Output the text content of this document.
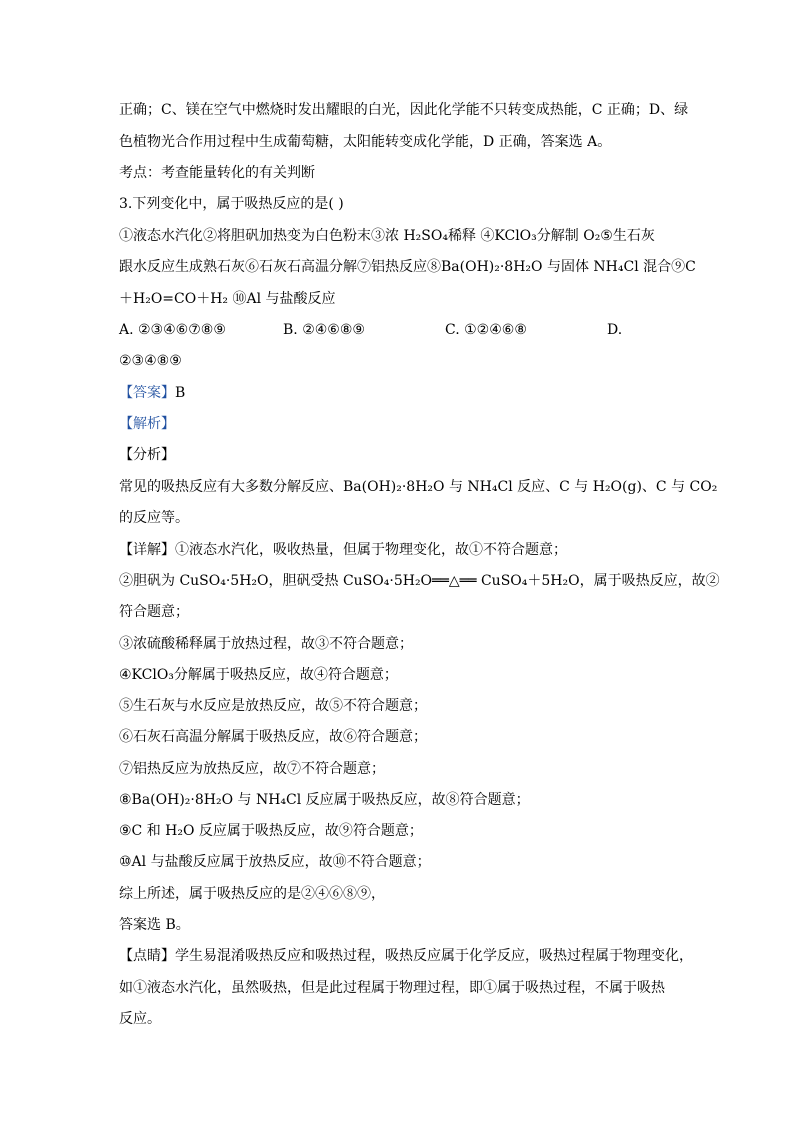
正确；C、镁在空气中燃烧时发出耀眼的白光，因此化学能不只转变成热能，C 正确；D、绿
色植物光合作用过程中生成葡萄糖，太阳能转变成化学能，D 正确，答案选 A。
考点：考查能量转化的有关判断
3.下列变化中，属于吸热反应的是( )
①液态水汽化②将胆矾加热变为白色粉末③浓 H₂SO₄稀释 ④KClO₃分解制 O₂⑤生石灰
跟水反应生成熟石灰⑥石灰石高温分解⑦铝热反应⑧Ba(OH)₂·8H₂O 与固体 NH₄Cl 混合⑨C
＋H₂O=CO＋H₂ ⑩Al 与盐酸反应
A. ②③④⑥⑦⑧⑨	B. ②④⑥⑧⑨	C. ①②④⑥⑧	D.
②③④⑧⑨
【答案】B
【解析】
【分析】
常见的吸热反应有大多数分解反应、Ba(OH)₂·8H₂O 与 NH₄Cl 反应、C 与 H₂O(g)、C 与 CO₂
的反应等。
【详解】①液态水汽化，吸收热量，但属于物理变化，故①不符合题意；
②胆矾为 CuSO₄·5H₂O，胆矾受热 CuSO₄·5H₂O══△══ CuSO₄＋5H₂O，属于吸热反应，故②
符合题意；
③浓硫酸稀释属于放热过程，故③不符合题意；
④KClO₃分解属于吸热反应，故④符合题意；
⑤生石灰与水反应是放热反应，故⑤不符合题意；
⑥石灰石高温分解属于吸热反应，故⑥符合题意；
⑦铝热反应为放热反应，故⑦不符合题意；
⑧Ba(OH)₂·8H₂O 与 NH₄Cl 反应属于吸热反应，故⑧符合题意；
⑨C 和 H₂O 反应属于吸热反应，故⑨符合题意；
⑩Al 与盐酸反应属于放热反应，故⑩不符合题意；
综上所述，属于吸热反应的是②④⑥⑧⑨，
答案选 B。
【点睛】学生易混淆吸热反应和吸热过程，吸热反应属于化学反应，吸热过程属于物理变化，
如①液态水汽化，虽然吸热，但是此过程属于物理过程，即①属于吸热过程，不属于吸热
反应。
